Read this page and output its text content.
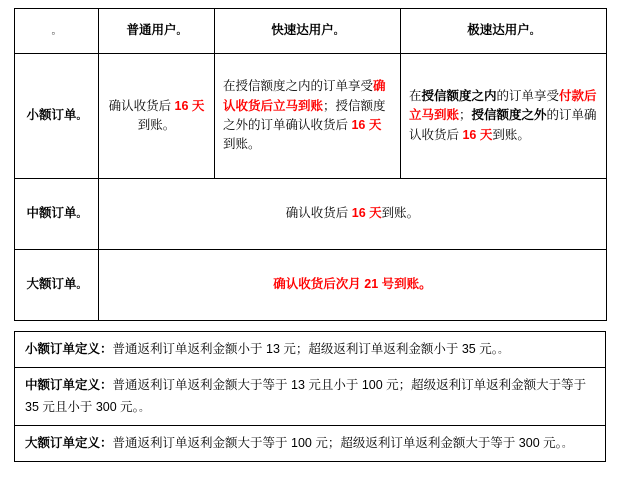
。	普通用户。	快速达用户。	极速达用户。
小额订单。	确认收货后 16 天到账。	在授信额度之内的订单享受确认收货后立马到账；授信额度之外的订单确认收货后 16 天到账。	在授信额度之内的订单享受付款后立马到账；授信额度之外的订单确认收货后 16 天到账。
中额订单。	确认收货后 16 天到账。		
大额订单。	确认收货后次月 21 号到账。		
小额订单定义：普通返利订单返利金额小于 13 元；超级返利订单返利金额小于 35 元。。
中额订单定义：普通返利订单返利金额大于等于 13 元且小于 100 元；超级返利订单返利金额大于等于 35 元且小于 300 元。。
大额订单定义：普通返利订单返利金额大于等于 100 元；超级返利订单返利金额大于等于 300 元。。
